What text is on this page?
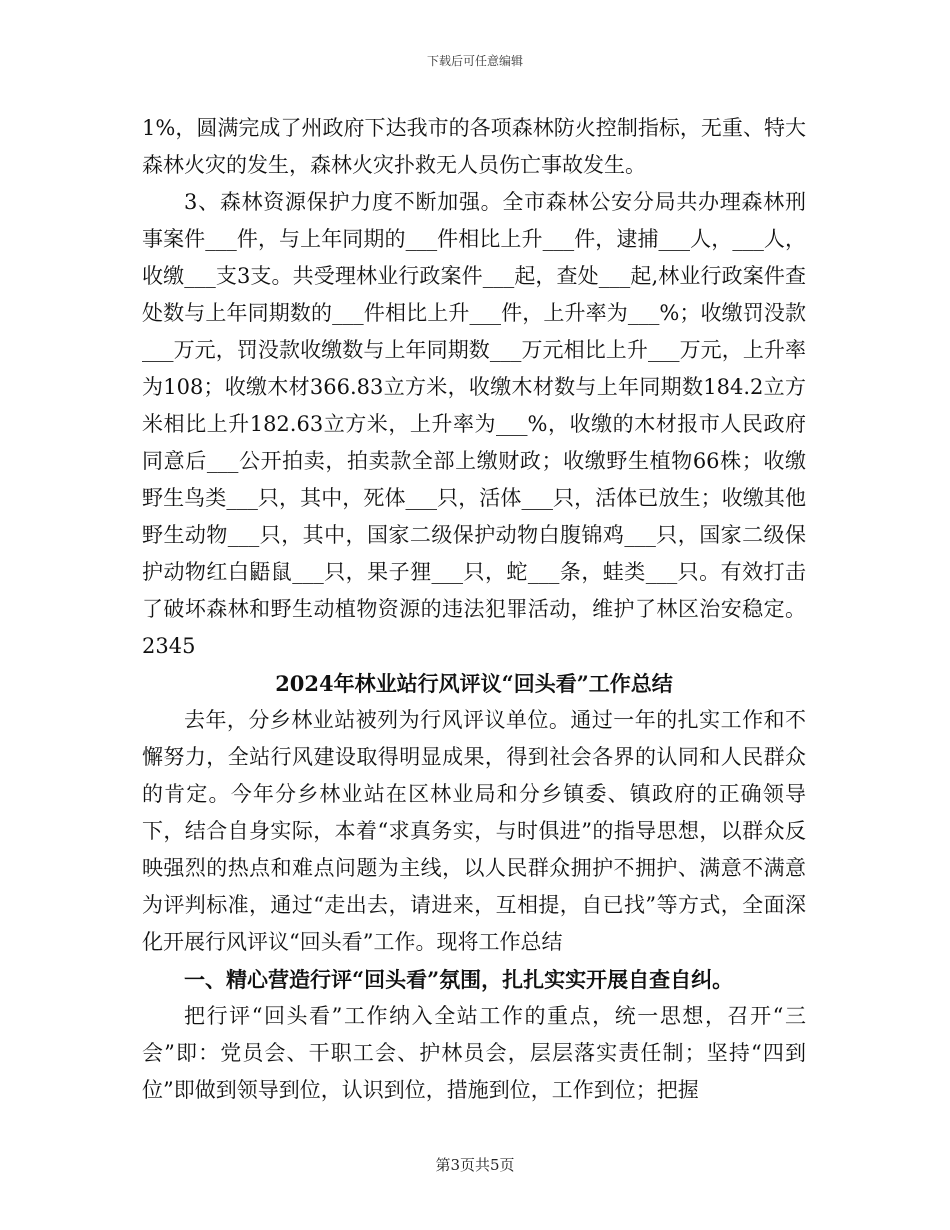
下载后可任意编辑

1%，圆满完成了州政府下达我市的各项森林防火控制指标，无重、特大森林火灾的发生，森林火灾扑救无人员伤亡事故发生。

3、森林资源保护力度不断加强。全市森林公安分局共办理森林刑事案件___件，与上年同期的___件相比上升___件，逮捕___人，___人，收缴___支3支。共受理林业行政案件___起，查处___起,林业行政案件查处数与上年同期数的___件相比上升___件，上升率为___%；收缴罚没款___万元，罚没款收缴数与上年同期数___万元相比上升___万元，上升率为108；收缴木材366.83立方米，收缴木材数与上年同期数184.2立方米相比上升182.63立方米，上升率为___%，收缴的木材报市人民政府同意后___公开拍卖，拍卖款全部上缴财政；收缴野生植物66株；收缴野生鸟类___只，其中，死体___只，活体___只，活体已放生；收缴其他野生动物___只，其中，国家二级保护动物白腹锦鸡___只，国家二级保护动物红白鼯鼠___只，果子狸___只，蛇___条，蛙类___只。有效打击了破坏森林和野生动植物资源的违法犯罪活动，维护了林区治安稳定。2345

2024年林业站行风评议“回头看”工作总结

去年，分乡林业站被列为行风评议单位。通过一年的扎实工作和不懈努力，全站行风建设取得明显成果，得到社会各界的认同和人民群众的肯定。今年分乡林业站在区林业局和分乡镇委、镇政府的正确领导下，结合自身实际，本着“求真务实，与时俱进”的指导思想，以群众反映强烈的热点和难点问题为主线，以人民群众拥护不拥护、满意不满意为评判标准，通过“走出去，请进来，互相提，自已找”等方式，全面深化开展行风评议“回头看”工作。现将工作总结

一、精心营造行评“回头看”氛围，扎扎实实开展自查自纠。

把行评“回头看”工作纳入全站工作的重点，统一思想，召开“三会”即：党员会、干职工会、护林员会，层层落实责任制；坚持“四到位”即做到领导到位，认识到位，措施到位，工作到位；把握

第3页共5页
